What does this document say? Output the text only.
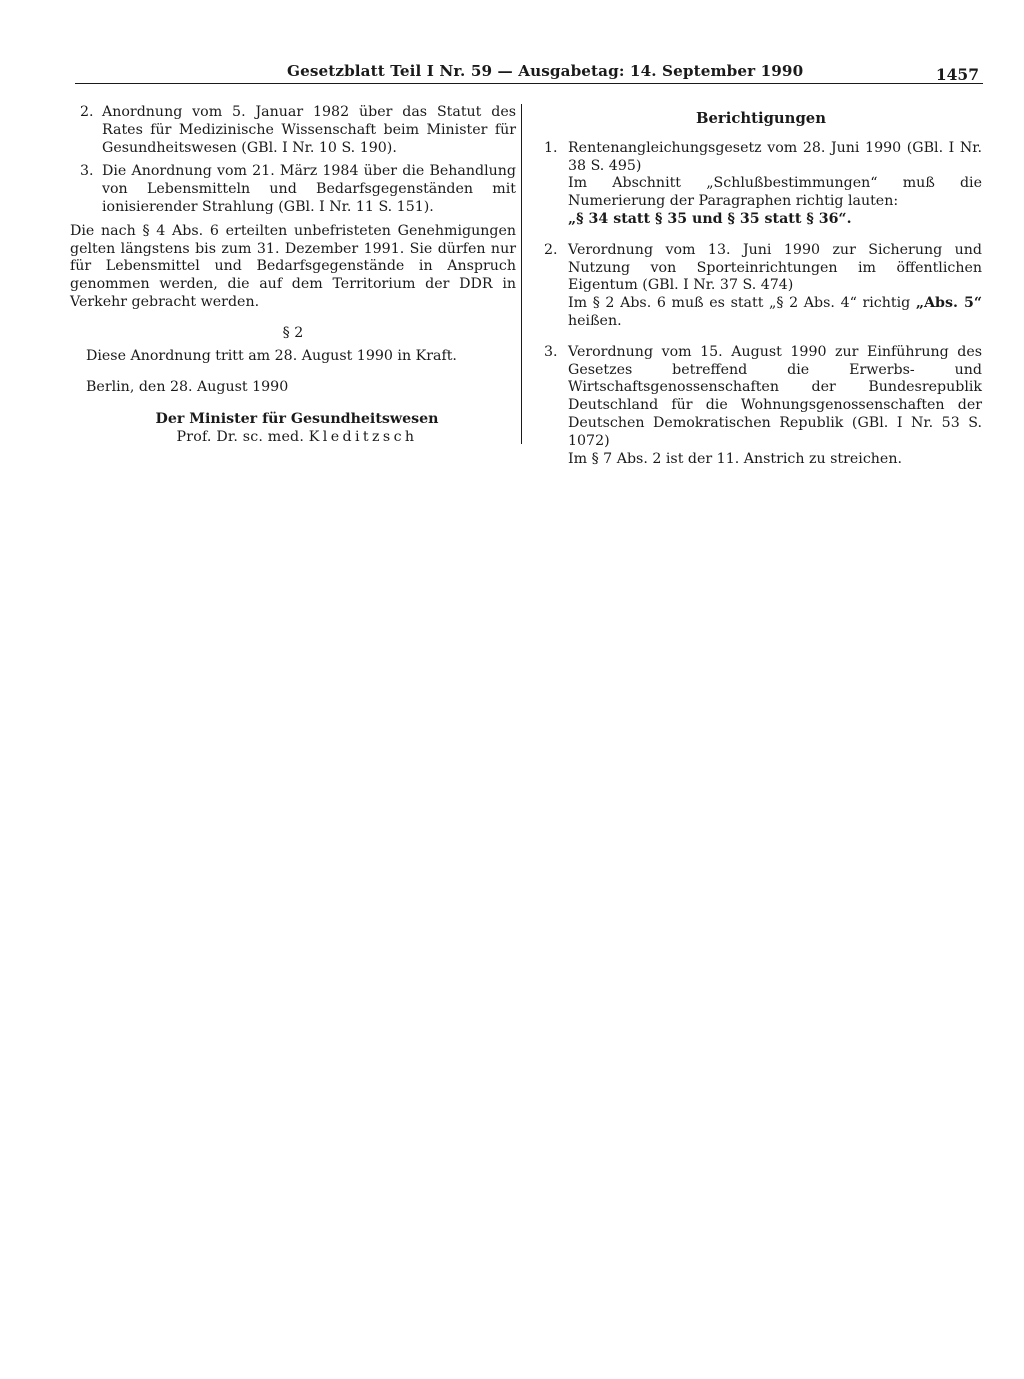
Gesetzblatt Teil I Nr. 59 — Ausgabetag: 14. September 1990	1457
2. Anordnung vom 5. Januar 1982 über das Statut des Rates für Medizinische Wissenschaft beim Minister für Gesundheitswesen (GBl. I Nr. 10 S. 190).
3. Die Anordnung vom 21. März 1984 über die Behandlung von Lebensmitteln und Bedarfsgegenständen mit ionisierender Strahlung (GBl. I Nr. 11 S. 151).
Die nach § 4 Abs. 6 erteilten unbefristeten Genehmigungen gelten längstens bis zum 31. Dezember 1991. Sie dürfen nur für Lebensmittel und Bedarfsgegenstände in Anspruch genommen werden, die auf dem Territorium der DDR in Verkehr gebracht werden.
§ 2
Diese Anordnung tritt am 28. August 1990 in Kraft.
Berlin, den 28. August 1990
Der Minister für Gesundheitswesen
Prof. Dr. sc. med. Kleditzsch
Berichtigungen
1. Rentenangleichungsgesetz vom 28. Juni 1990 (GBl. I Nr. 38 S. 495)
Im Abschnitt „Schlußbestimmungen“ muß die Numerierung der Paragraphen richtig lauten:
„§ 34 statt § 35 und § 35 statt § 36“.
2. Verordnung vom 13. Juni 1990 zur Sicherung und Nutzung von Sporteinrichtungen im öffentlichen Eigentum (GBl. I Nr. 37 S. 474)
Im § 2 Abs. 6 muß es statt „§ 2 Abs. 4“ richtig „Abs. 5“ heißen.
3. Verordnung vom 15. August 1990 zur Einführung des Gesetzes betreffend die Erwerbs- und Wirtschaftsgenossenschaften der Bundesrepublik Deutschland für die Wohnungsgenossenschaften der Deutschen Demokratischen Republik (GBl. I Nr. 53 S. 1072)
Im § 7 Abs. 2 ist der 11. Anstrich zu streichen.
